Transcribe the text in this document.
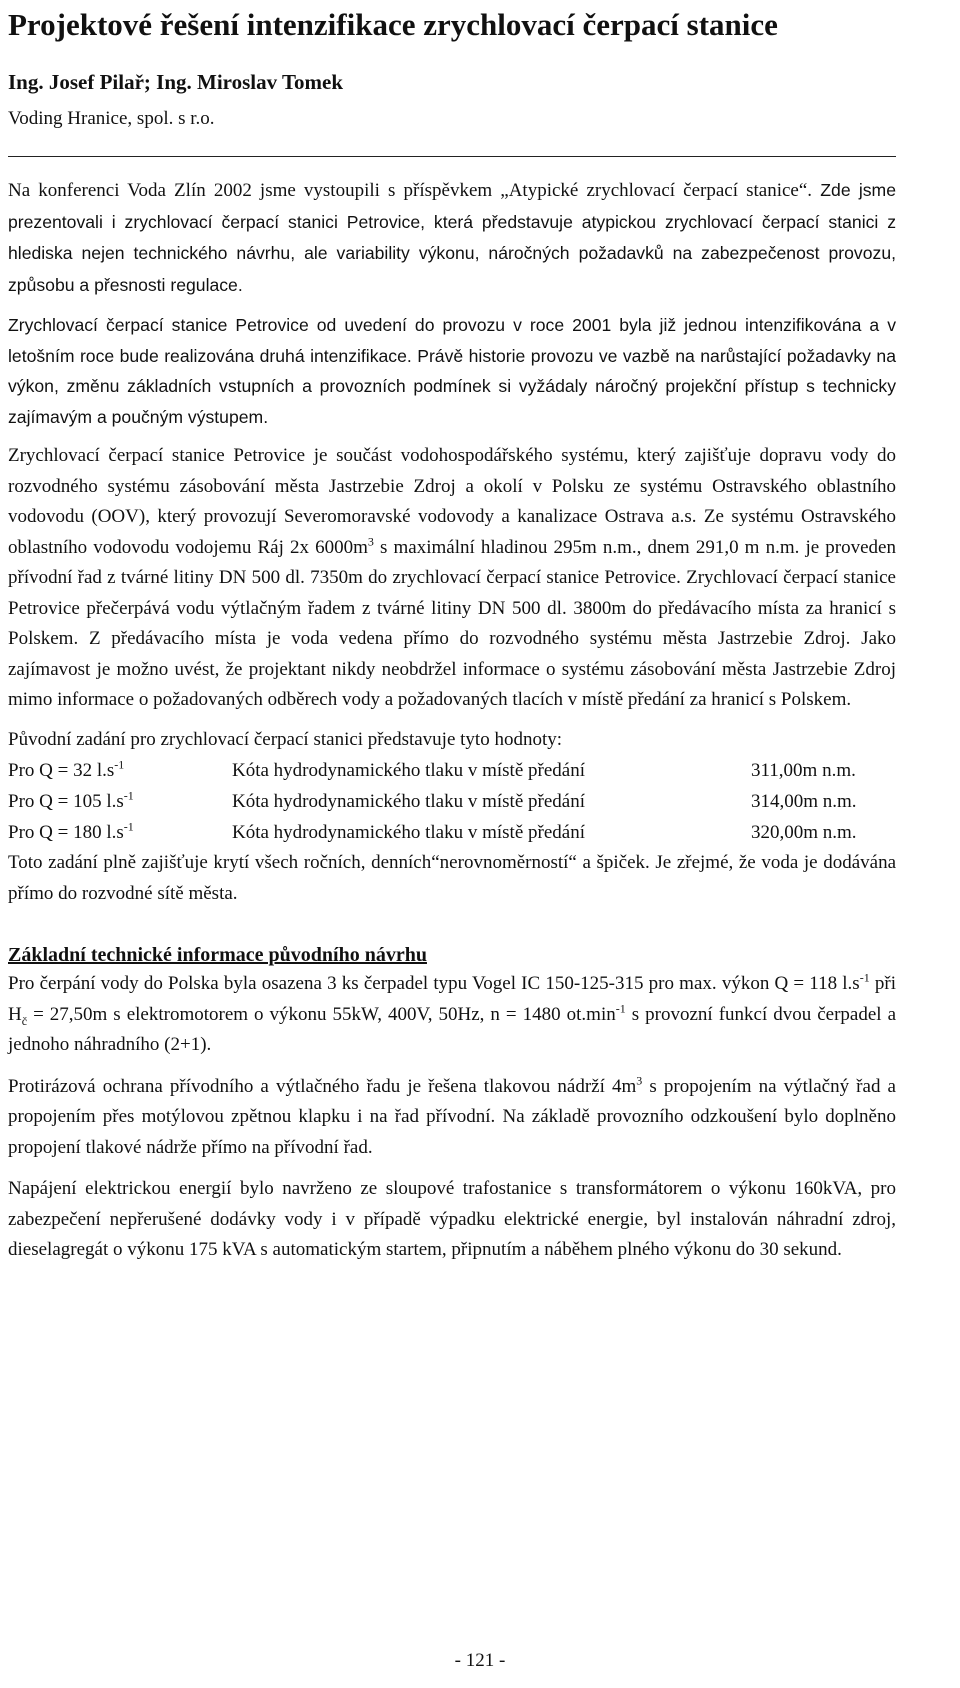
Projektové řešení intenzifikace zrychlovací čerpací stanice
Ing. Josef Pilař; Ing. Miroslav Tomek
Voding Hranice, spol. s r.o.

Na konferenci Voda Zlín 2002 jsme vystoupili s příspěvkem „Atypické zrychlovací čerpací stanice“. Zde jsme prezentovali i zrychlovací čerpací stanici Petrovice, která představuje atypickou zrychlovací čerpací stanici z hlediska nejen technického návrhu, ale variability výkonu, náročných požadavků na zabezpečenost provozu, způsobu a přesnosti regulace.

Zrychlovací čerpací stanice Petrovice od uvedení do provozu v roce 2001 byla již jednou intenzifikována a v letošním roce bude realizována druhá intenzifikace. Právě historie provozu ve vazbě na narůstající požadavky na výkon, změnu základních vstupních a provozních podmínek si vyžádaly náročný projekční přístup s technicky zajímavým a poučným výstupem.

Zrychlovací čerpací stanice Petrovice je součást vodohospodářského systému, který zajišťuje dopravu vody do rozvodného systému zásobování města Jastrzebie Zdroj a okolí v Polsku ze systému Ostravského oblastního vodovodu (OOV), který provozují Severomoravské vodovody a kanalizace Ostrava a.s. Ze systému Ostravského oblastního vodovodu vodojemu Ráj 2x $6000m^3$ s maximální hladinou 295m n.m., dnem 291,0 m n.m. je proveden přívodní řad z tvárné litiny DN 500 dl. 7350m do zrychlovací čerpací stanice Petrovice. Zrychlovací čerpací stanice Petrovice přečerpává vodu výtlačným řadem z tvárné litiny DN 500 dl. 3800m do předávacího místa za hranicí s Polskem. Z předávacího místa je voda vedena přímo do rozvodného systému města Jastrzebie Zdroj. Jako zajímavost je možno uvést, že projektant nikdy neobdržel informace o systému zásobování města Jastrzebie Zdroj mimo informace o požadovaných odběrech vody a požadovaných tlacích v místě předání za hranicí s Polskem.

Původní zadání pro zrychlovací čerpací stanici představuje tyto hodnoty:

Pro Q = 32 $l.s^{-1}$	Kóta hydrodynamického tlaku v místě předání	311,00m n.m.
Pro Q = 105 $l.s^{-1}$	Kóta hydrodynamického tlaku v místě předání	314,00m n.m.
Pro Q = 180 $l.s^{-1}$	Kóta hydrodynamického tlaku v místě předání	320,00m n.m.

Toto zadání plně zajišťuje krytí všech ročních, denních“nerovnoměrností“ a špiček. Je zřejmé, že voda je dodávána přímo do rozvodné sítě města.

Základní technické informace původního návrhu

Pro čerpání vody do Polska byla osazena 3 ks čerpadel typu Vogel IC 150-125-315 pro max. výkon Q = 118 $l.s^{-1}$ při $H_č = 27,50m$ s elektromotorem o výkonu 55kW, 400V, 50Hz, n = 1480 $ot.\min^{-1}$ s provozní funkcí dvou čerpadel a jednoho náhradního (2+1).

Protirázová ochrana přívodního a výtlačného řadu je řešena tlakovou nádrží $4m^3$ s propojením na výtlačný řad a propojením přes motýlovou zpětnou klapku i na řad přívodní. Na základě provozního odzkoušení bylo doplněno propojení tlakové nádrže přímo na přívodní řad.

Napájení elektrickou energií bylo navrženo ze sloupové trafostanice s transformátorem o výkonu 160kVA, pro zabezpečení nepřerušené dodávky vody i v případě výpadku elektrické energie, byl instalován náhradní zdroj, dieselagregát o výkonu 175 kVA s automatickým startem, připnutím a náběhem plného výkonu do 30 sekund.

- 121 -
